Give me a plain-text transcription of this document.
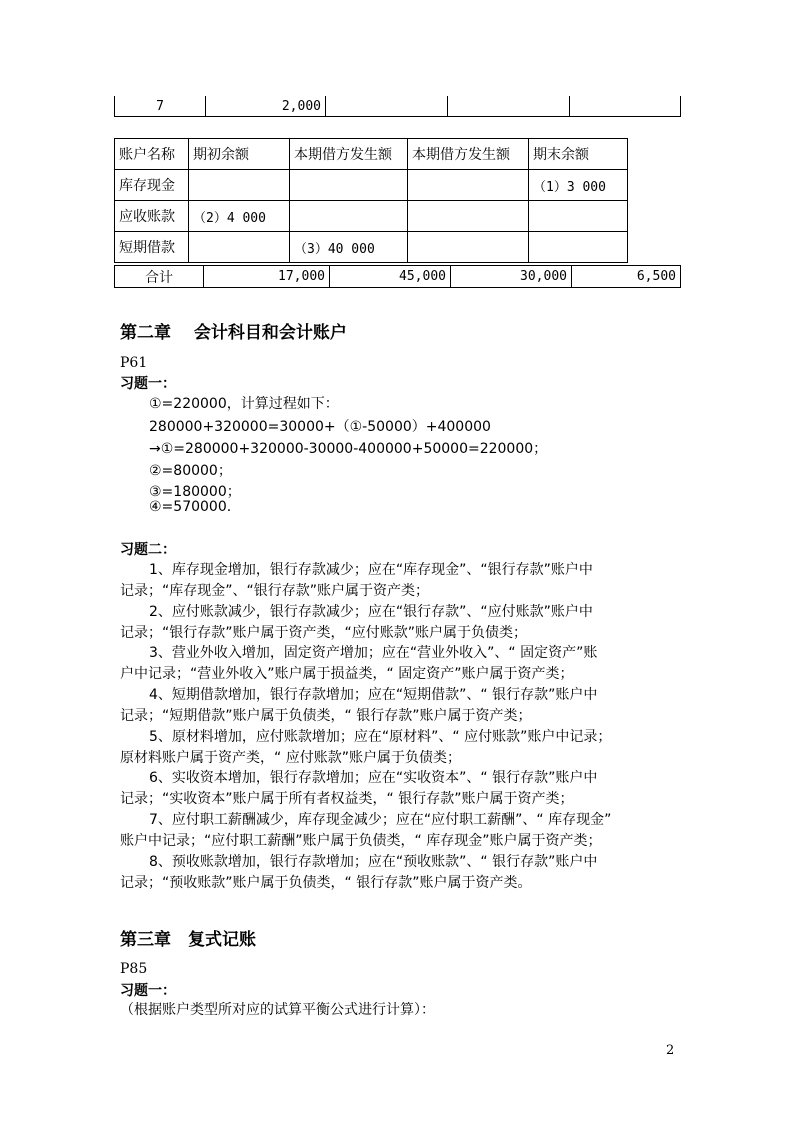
7	2,000			
账户名称	期初余额	本期借方发生额	本期借方发生额	期末余额
库存现金				（1）3 000
应收账款	（2）4 000			
短期借款		（3）40 000		
合计	17,000	45,000	30,000	6,500
第二章　 会计科目和会计账户
P61
习题一：
①=220000，计算过程如下：
280000+320000=30000+（①-50000）+400000
→①=280000+320000-30000-400000+50000=220000；
②=80000；
③=180000；
④=570000.
习题二：
1、库存现金增加，银行存款减少；应在“库存现金”、“银行存款”账户中
记录；“库存现金”、“银行存款”账户属于资产类；
2、应付账款减少，银行存款减少；应在“银行存款”、“应付账款”账户中
记录；“银行存款”账户属于资产类，“应付账款”账户属于负债类；
3、营业外收入增加，固定资产增加；应在“营业外收入”、“ 固定资产”账
户中记录；“营业外收入”账户属于损益类，“ 固定资产”账户属于资产类；
4、短期借款增加，银行存款增加；应在“短期借款”、“ 银行存款”账户中
记录；“短期借款”账户属于负债类，“ 银行存款”账户属于资产类；
5、原材料增加，应付账款增加；应在“原材料”、“ 应付账款”账户中记录；
原材料账户属于资产类，“ 应付账款”账户属于负债类；
6、实收资本增加，银行存款增加；应在“实收资本”、“ 银行存款”账户中
记录；“实收资本”账户属于所有者权益类，“ 银行存款”账户属于资产类；
7、应付职工薪酬减少，库存现金减少；应在“应付职工薪酬”、“ 库存现金”
账户中记录；“应付职工薪酬”账户属于负债类，“ 库存现金”账户属于资产类；
8、预收账款增加，银行存款增加；应在“预收账款”、“ 银行存款”账户中
记录；“预收账款”账户属于负债类，“ 银行存款”账户属于资产类。
第三章　复式记账
P85
习题一：
（根据账户类型所对应的试算平衡公式进行计算）：
2
